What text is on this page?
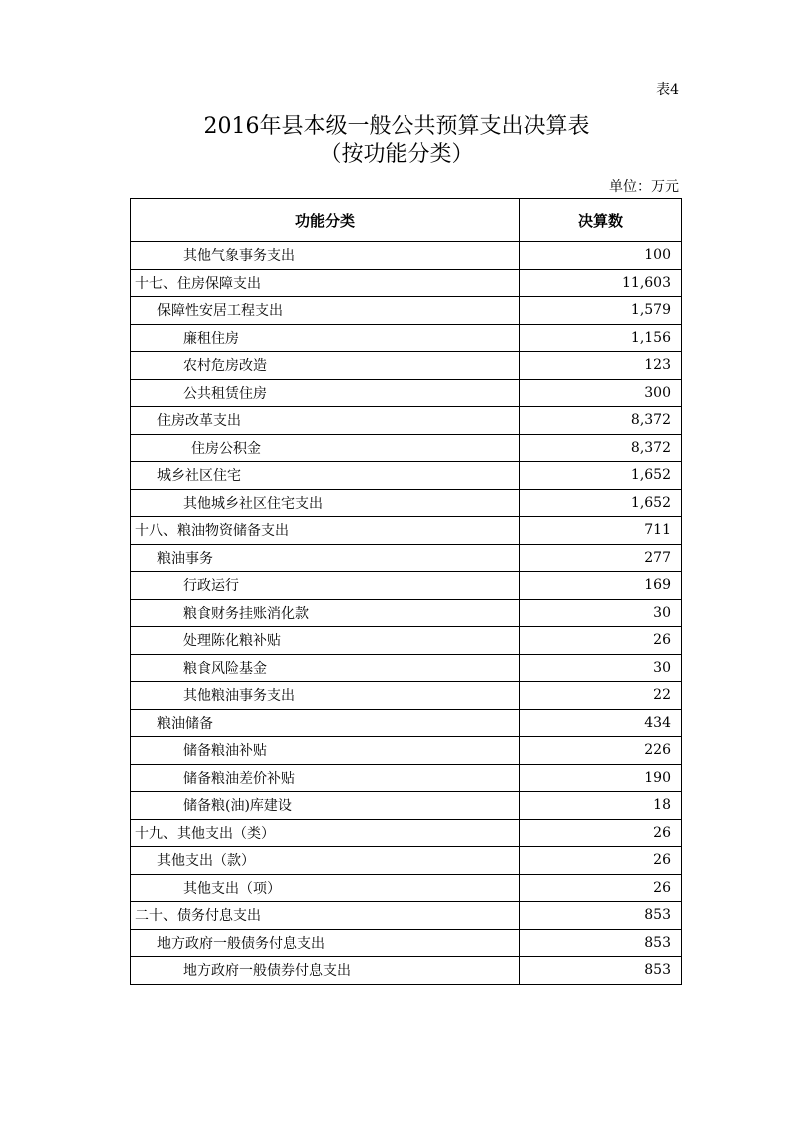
表4
2016年县本级一般公共预算支出决算表
（按功能分类）
单位：万元
功能分类	决算数
其他气象事务支出	100
十七、住房保障支出	11,603
保障性安居工程支出	1,579
廉租住房	1,156
农村危房改造	123
公共租赁住房	300
住房改革支出	8,372
住房公积金	8,372
城乡社区住宅	1,652
其他城乡社区住宅支出	1,652
十八、粮油物资储备支出	711
粮油事务	277
行政运行	169
粮食财务挂账消化款	30
处理陈化粮补贴	26
粮食风险基金	30
其他粮油事务支出	22
粮油储备	434
储备粮油补贴	226
储备粮油差价补贴	190
储备粮(油)库建设	18
十九、其他支出（类）	26
其他支出（款）	26
其他支出（项）	26
二十、债务付息支出	853
地方政府一般债务付息支出	853
地方政府一般债券付息支出	853
